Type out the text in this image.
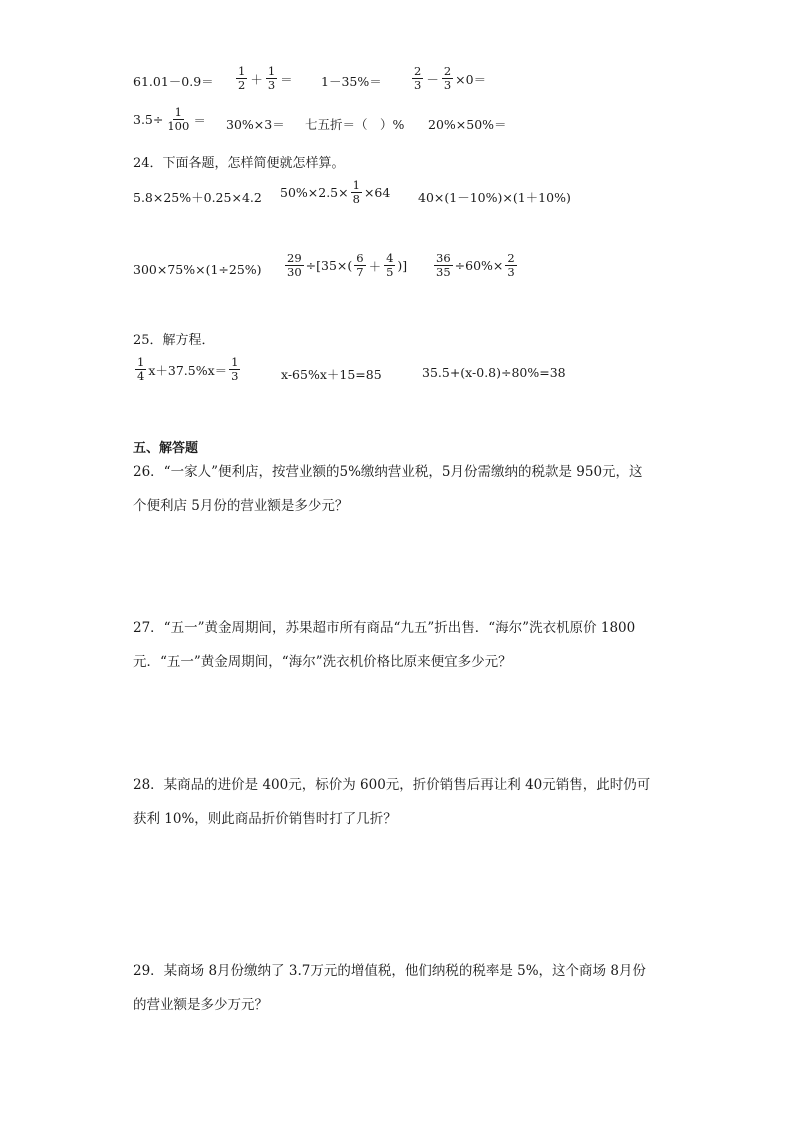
$61.01-0.9= \frac{1}{2} + \frac{1}{3} = 1-35\%=$	$\frac{2}{3} - \frac{2}{3} \times 0=$
$3.5\div \frac{1}{100} = 30\%\times 3=$ 七五折＝（　）% 20%×50%＝
24．下面各题，怎样简便就怎样算。
5.8×25%＋0.25×4.2 $50\%\times 2.5\times \frac{1}{8} \times 64$ 40×(1－10%)×(1＋10%)
$300\times 75\%\times(1\div 25\%) \frac{29}{30} \div[35\times( \frac{6}{7} + \frac{4}{5}$ )] $\frac{36}{35} \div 60\%\times \frac{2}{3}$
25．解方程．
$\frac{1}{4} x+37.5\%x= \frac{1}{3}$	x-65%x＋15=85	35.5+(x-0.8)÷80%=38
五、解答题
26．“一家人”便利店，按营业额的5%缴纳营业税，5月份需缴纳的税款是 950元，这
个便利店 5月份的营业额是多少元？
27．“五一”黄金周期间，苏果超市所有商品“九五”折出售．“海尔”洗衣机原价 1800
元．“五一”黄金周期间，“海尔”洗衣机价格比原来便宜多少元？
28．某商品的进价是 400元，标价为 600元，折价销售后再让利 40元销售，此时仍可
获利 10%，则此商品折价销售时打了几折？
29．某商场 8月份缴纳了 3.7万元的增值税，他们纳税的税率是 5%，这个商场 8月份
的营业额是多少万元？
